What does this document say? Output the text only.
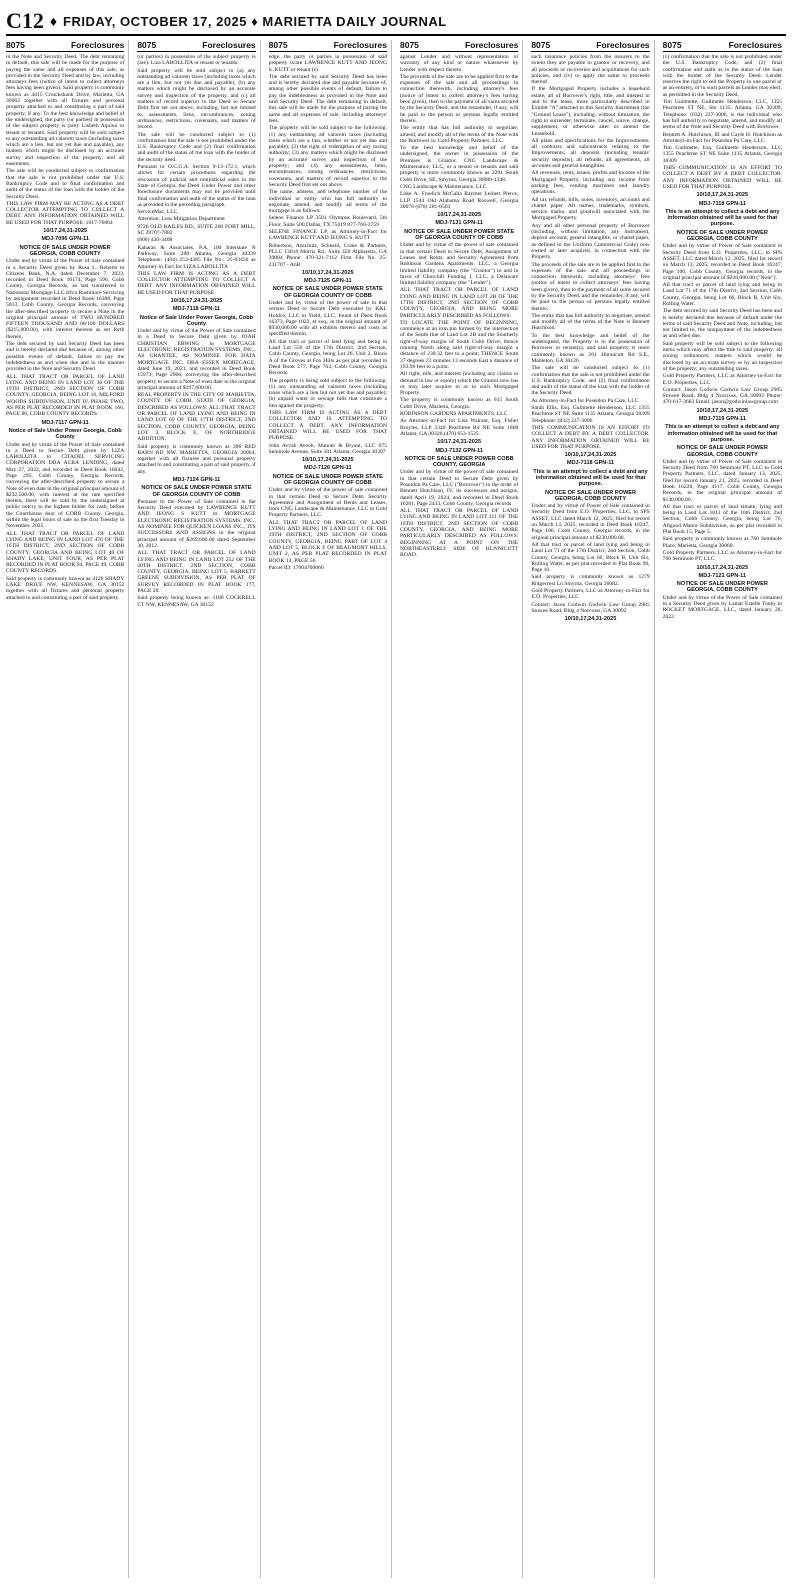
C12 ♦ FRIDAY, OCTOBER 17, 2025 ♦ MARIETTA DAILY JOURNAL
8075	Foreclosures

in the Note and Security Deed. The debt remaining in default, this sale will be made for the purpose of paying the same and all expenses of this sale, as provided in the Security Deed and by law, including attorneys fees (notice of intent to collect attorneys fees having been given). Said property is commonly known as 4415 Cruickshank Drive, Marietta, GA 30062 together with all fixtures and personal property attached to and constituting a part of said property, if any. To the best knowledge and belief of the undersigned, the party (or parties) in possession of the subject property is (are): Lisbeth Aquino or tenant or tenants. Said property will be sold subject to any outstanding ad valorem taxes (including taxes which are a lien, but not yet due and payable), any matters which might be disclosed by an accurate survey and inspection of the property, and all easements.

The sale will be conducted subject to confirmation that the sale is not prohibited under the U.S. Bankruptcy Code and to final confirmation and audit of the status of the loan with the holder of the Security Deed.

THIS LAW FIRM MAY BE ACTING AS A DEBT COLLECTOR ATTEMPTING TO COLLECT A DEBT. ANY INFORMATION OBTAINED WILL BE USED FOR THAT PURPOSE. 1017-76864

10/17,24,31-2025

MDJ-7096 GPN-11

NOTICE OF SALE UNDER POWER GEORGIA, COBB COUNTY

Under and by virtue of the Power of Sale contained in a Security Deed given by Rosa L. Roberts to Citizens Bank, N.A. dated December 7, 2023, recorded in Deed Book 16174, Page 596, Cobb County, Georgia Records, as last transferred to Nationstar Mortgage LLC d/b/a Rushmore Servicing by assignment recorded in Deed Book 16388, Page 5013, Cobb County, Georgia Records, conveying the after-described property to secure a Note in the original principal amount of TWO HUNDRED FIFTEEN THOUSAND AND 00/100 DOLLARS ($215,000.00), with interest thereon as set forth therein.

The debt secured by said Security Deed has been and is hereby declared due because of, among other possible events of default, failure to pay the indebtedness as and when due and in the manner provided in the Note and Security Deed.

ALL THAT TRACT OR PARCEL OF LAND LYING AND BEING IN LAND LOT 30 OF THE 19TH DISTRICT, 2ND SECTION OF COBB COUNTY, GEORGIA, BEING LOT 16, MILFORD WOODS SUBDIVISION, UNIT IV, PHASE TWO, AS PER PLAT RECORDED IN PLAT BOOK 166, PAGE 86, COBB COUNTY RECORDS.

MDJ-7117 GPN-11

Notice of Sale Under Power Georgia, Cobb County

Under and by virtue of the Power of Sale contained in a Deed to Secure Debt given by LIZA LABOLLITA to CITADEL SERVICING CORPORATION DBA ACRA LENDING, dated May 27, 2022, and recorded in Deed Book 16042, Page 295, Cobb County, Georgia Records, conveying the after-described property to secure a Note of even date in the original principal amount of $232,500.00, with interest at the rate specified therein, there will be sold by the undersigned at public outcry to the highest bidder for cash, before the Courthouse door of COBB County, Georgia, within the legal hours of sale on the first Tuesday in November, 2025.

ALL THAT TRACT OR PARCEL OF LAND LYING AND BEING IN LAND LOT 476 OF THE 16TH DISTRICT, 2ND SECTION OF COBB COUNTY, GEORGIA AND BEING LOT 40 OF SHADY LAKE, UNIT FOUR, AS PER PLAT RECORDED IN PLAT BOOK 94, PAGE 49, COBB COUNTY RECORDS.

Said property is commonly known as 4126 SHADY LAKE DRIVE NW, KENNESAW, GA 30152 together with all fixtures and personal property attached to and constituting a part of said property.

8075	Foreclosures

(or parties) in possession of the subject property is (are): Liza LABOLLITA or tenant or tenants.

Said property will be sold subject to (a) any outstanding ad valorem taxes (including taxes which are a lien, but not yet due and payable), (b) any matters which might be disclosed by an accurate survey and inspection of the property, and (c) all matters of record superior to the Deed to Secure Debt first set out above, including, but not limited to, assessments, liens, encumbrances, zoning ordinances, restrictions, covenants, and matters of record.

The sale will be conducted subject to (1) confirmation that the sale is not prohibited under the U.S. Bankruptcy Code and (2) final confirmation and audit of the status of the loan with the holder of the security deed.

Pursuant to O.C.G.A. Section 9-13-172.1, which allows for certain procedures regarding the rescission of judicial and nonjudicial sales in the State of Georgia, the Deed Under Power and other foreclosure documents may not be provided until final confirmation and audit of the status of the loan as provided in the preceding paragraph.

ServiceMac, LLC

Attention: Loss Mitigation Department

9726 OLD BAILES RD., SUITE 200 FORT MILL, SC 29707-7882

(800) 430-3408

Kaharas & Associates, P.A. 100 Interstate N Parkway, Suite 200 Atlanta, Georgia 30339 Telephone: (404) 253-4385 File No.: 25-03450 as Attorney in Fact for LIZA LABOLLITA

THIS LAW FIRM IS ACTING AS A DEBT COLLECTOR ATTEMPTING TO COLLECT A DEBT. ANY INFORMATION OBTAINED WILL BE USED FOR THAT PURPOSE.

10/10,17,24,31-2025

MDJ-7118 GPN-11

Notice of Sale Under Power Georgia, Cobb County

Under and by virtue of the Power of Sale contained in a Deed to Secure Debt given by JOAH CHRISTIAN ERWING to MORTGAGE ELECTRONIC REGISTRATION SYSTEMS, INC., AS GRANTEE, AS NOMINEE FOR DATA MORTGAGE INC. DBA ESSEX MORTGAGE, dated June 19, 2021, and recorded in Deed Book 15973, Page 2966, conveying the after-described property to secure a Note of even date in the original principal amount of $197,600.00.

REAL PROPERTY IN THE CITY OF MARIETTA, COUNTY OF COBB, STATE OF GEORGIA, DESCRIBED AS FOLLOWS: ALL THAT TRACT OR PARCEL OF LAND LYING AND BEING IN LAND LOT 69 OF THE 17TH DISTRICT, 2ND SECTION, COBB COUNTY, GEORGIA, BEING LOT 3, BLOCK E, OF NORTHRIDGE ADDITION.

Said property is commonly known as 396 RED BARN RD NW, MARIETTA, GEORGIA 30064, together with all fixtures and personal property attached to and constituting a part of said property, if any.

MDJ-7124 GPN-11

NOTICE OF SALE UNDER POWER STATE OF GEORGIA COUNTY OF COBB

Pursuant to the Power of Sale contained in the Security Deed executed by LAWRENCE KUTT AND JEONG S KUTT to MORTGAGE ELECTRONIC REGISTRATION SYSTEMS, INC., AS NOMINEE FOR QUICKEN LOANS INC., ITS SUCCESSORS AND ASSIGNS in the original principal amount of $269,600.00 dated September 30, 2012.

ALL THAT TRACT OR PARCEL OF LAND LYING AND BEING IN LAND LOT 252 OF THE 20TH DISTRICT, 2ND SECTION, COBB COUNTY, GEORGIA, BEING LOT 5, BARRETT GREENE SUBDIVISION, AS PER PLAT OF SURVEY RECORDED IN PLAT BOOK 177, PAGE 20.

Said property being known as: 1188 COCKRELL CT NW, KENNESAW, GA 30152

8075	Foreclosures

edge, the party or parties in possession of said property is/are LAWRENCE KUTT AND JEONG S. KUTT or tenant (s).

The debt secured by said Security Deed has been and is hereby declared due and payable because of, among other possible events of default, failure to pay the indebtedness as provided in the Note and said Security Deed. The debt remaining in default, this sale will be made for the purpose of paying the same and all expenses of sale, including attorneys' fees.

The property will be sold subject to the following: (1) any outstanding ad valorem taxes (including taxes which are a lien, whether or not yet due and payable); (2) the right of redemption of any taxing authority; (3) any matters which might be disclosed by an accurate survey and inspection of the property; and (4) any assessments, liens, encumbrances, zoning ordinances, restrictions, covenants, and matters of record superior to the Security Deed first set out above.

The name, address, and telephone number of the individual or entity who has full authority to negotiate, amend, and modify all terms of the mortgage is as follows:

Selene Finance LP 3501 Olympus Boulevard, 5th Floor, Suite 500 Dallas, TX 75019 877-768-3759

SELENE FINANCE LP, as Attorney-in-Fact for LAWRENCE KUTT AND JEONG S. KUTT

Robertson, Anschutz, Schneid, Crane & Partners, PLLC 13010 Morris Rd., Suite 450 Alpharetta, GA 30004 Phone: 470-321-7112 Firm File No. 25-231707 - AnB

10/10,17,24,31-2025

MDJ-7125 GPN-11

NOTICE OF SALE UNDER POWER STATE OF GEORGIA COUNTY OF COBB

Under and by virtue of the power of sale in that certain Deed to Secure Debt executed by K&L Holdco, LLC to Yield, LLC, found of Deed Book 16373, Page 1022, et seq., in the original amount of $930,000.00 with all exhibits thereto and costs as specified therein.

All that tract or parcel of land lying and being in Land Lot 556 of the 17th District, 2nd Section, Cobb County, Georgia, being Lot 26, Unit 2, Block A of the Groves at Fox Hills as per plat recorded in Deed Book 277, Page 763, Cobb County, Georgia Records.

The property is being sold subject to the following: (1) any outstanding ad valorem taxes (including taxes which are a lien but not yet due and payable); (b) unpaid water or sewage bills that constitute a lien against the property.

THIS LAW FIRM IS ACTING AS A DEBT COLLECTOR AND IS ATTEMPTING TO COLLECT A DEBT. ANY INFORMATION OBTAINED WILL BE USED FOR THAT PURPOSE.

John Avvab Aveob, Manner & Bryant, LLC 675 Seminole Avenue, Suite 301 Atlanta, Georgia 30307

10/10,17,24,31-2025

MDJ-7126 GPN-11

NOTICE OF SALE UNDER POWER STATE OF GEORGIA COUNTY OF COBB

Under and by virtue of the power of sale contained in that certain Deed to Secure Debt, Security Agreement and Assignment of Rents and Leases, from CNG Landscape & Maintenance, LLC to Gold Property Partners, LLC.

ALL THAT TRACT OR PARCEL OF LAND LYING AND BEING IN LAND LOT 1 OF THE 19TH DISTRICT, 2ND SECTION OF COBB COUNTY, GEORGIA, BEING PART OF LOT 4 AND LOT 5, BLOCK F OF BEAUMONT HILLS, UNIT 2, AS PER PLAT RECORDED IN PLAT BOOK 14, PAGE 56.

Parcel ID: 17004700060

8075	Foreclosures

against Lender and without representation or warranty of any kind or nature whatsoever by Lender with respect thereto.

The proceeds of the sale are to be applied first to the expenses of the sale and all proceedings in connection therewith, including attorney's fees (notice of intent to collect attorney's fees having been given), then to the payment of all sums secured by the Security Deed, and the remainder, if any, will be paid to the person or persons legally entitled thereto.

The entity that has full authority to negotiate, amend, and modify all of the terms of the Note with the Borrower is: Gold Property Partners, LLC.

To the best knowledge and belief of the undersigned, the owner in possession of the Premises is Grantor, CNG Landscape & Maintenance, LLC, or a tenant or tenants and said property is more commonly known as 2291 South Cobb Drive, SE, Smyrna, Georgia 30080-1348.

CNG Landscape & Maintenance, LLC

Luke A. Froelich McCalla Raymer Leibert Pierce, LLP 1544 Old Alabama Road Roswell, Georgia 30076 (678) 281-6503

10/17,24,31-2025

MDJ-7131 GPN-11

NOTICE OF SALE UNDER POWER STATE OF GEORGIA COUNTY OF COBB

Under and by virtue of the power of sale contained in that certain Deed to Secure Debt, Assignment of Leases and Rents, and Security Agreement from Robinson Gardens Apartments, LLC, a Georgia limited liability company (the "Grantor") to and in favor of Churchill Funding I, LLC, a Delaware limited liability company (the "Lender").

ALL THAT TRACT OR PARCEL OF LAND LYING AND BEING IN LAND LOT 2B OF THE 17TH DISTRICT, 2ND SECTION OF COBB COUNTY, GEORGIA, AND BEING MORE PARTICULARLY DESCRIBED AS FOLLOWS:

TO LOCATE THE POINT OF BEGINNING, commence at an iron pin formed by the intersection of the South line of Land Lot 2B and the Southerly right-of-way margin of South Cobb Drive; thence running North along said right-of-way margin a distance of 230.32 feet to a point; THENCE South 37 degrees 23 minutes 13 seconds East a distance of 193.96 feet to a point.

All right, title, and interest (including any claims or demand in law or equity) which the Grantor now has or may later acquire in or to such Mortgaged Property.

The property is commonly known as 615 South Cobb Drive, Marietta, Georgia.

ROBINSON GARDENS APARTMENTS, LLC

As Attorney-in-Fact for Lisa Walrant, Esq. Fisher Broyles, LLP 3340 Peachtree Rd NE Suite 1800 Atlanta, GA 30326 (470) 653-1525

10/17,24,31-2025

MDJ-7132 GPN-11

NOTICE OF SALE UNDER POWER COBB COUNTY, GEORGIA

Under and by virtue of the power of sale contained in that certain Deed to Secure Debt given by Poseidon Pa Care, LLC ("Borrower") to the order of Bennett Hutchison, IV, its successors and assigns, dated April 19, 2024, and recorded in Deed Book 16201, Page 2433, Cobb County, Georgia records.

ALL THAT TRACT OR PARCEL OF LAND LYING AND BEING IN LAND LOT 311 OF THE 16TH DISTRICT, 2ND SECTION OF COBB COUNTY, GEORGIA, AND BEING MORE PARTICULARLY DESCRIBED AS FOLLOWS: BEGINNING AT A POINT ON THE NORTHEASTERLY SIDE OF HUNNICUTT ROAD.

8075	Foreclosures

such insurance policies from the insurers to the extent they are payable to grantor or recovery, and all proceeds or recoveries and acquittances for such policies, and (iv) to apply the same to proceeds thereof.

If the Mortgaged Property includes a leasehold estate, all of Borrower's right, title, and interest in and to the lease, more particularly described in Exhibit "A" attached to this Security Instrument (the "Ground Lease"), including, without limitation, the right to surrender, terminate, cancel, waive, change, supplement, or otherwise alter or amend the Leasehold.

All plans and specifications for the Improvements; all contracts and subcontracts relating to the Improvements; all deposits (including tenants' security deposits), all refunds, all agreements, all accounts and general intangibles.

All revenues, rents, issues, profits and income of the Mortgaged Property, including any income from parking fees, vending machines and laundry operations.

All tax refunds, bills, notes, inventory, accounts and chattel paper. All names, trademarks, symbols, service marks, and goodwill associated with the Mortgaged Property.

Any and all other personal property of Borrower (including, without limitation, any instrument, deposit account, general intangible, or chattel paper, as defined in the Uniform Commercial Code) now owned or later acquired, in connection with the Property.

The proceeds of the sale are to be applied first to the expenses of the sale and all proceedings in connection therewith, including attorneys' fees (notice of intent to collect attorneys' fees having been given), then to the payment of all sums secured by the Security Deed, and the remainder, if any, will be paid to the person or persons legally entitled thereto.

The entity that has full authority to negotiate, amend and modify all of the terms of the Note is Bennett Hutchison.

To the best knowledge and belief of the undersigned, the Property is in the possession of Borrower or tenant(s), and said property is more commonly known as 261 Hunnicutt Rd S.E., Mableton, GA 30126.

The sale will be conducted subject to (1) confirmation that the sale is not prohibited under the U.S. Bankruptcy Code; and (2) final confirmation and audit of the status of the loan with the holder of the Security Deed.

As Attorney-in-Fact for Poseidon Pa Care, LLC

Sarah Ellis, Esq. Guilmette Henderson, LLC 1355 Peachtree ST NE Suite 1135 Atlanta, Georgia 30309 Telephone: (832) 237-3006

THIS COMMUNICATION IS AN EFFORT TO COLLECT A DEBT BY A DEBT COLLECTOR. ANY INFORMATION OBTAINED WILL BE USED FOR THAT PURPOSE.

10/10,17,24,31-2025

MDJ-7118 GPN-11

This is an attempt to collect a debt and any information obtained will be used for that purpose.

NOTICE OF SALE UNDER POWER GEORGIA, COBB COUNTY

Under and by virtue of Power of Sale contained in Security Deed from E.O. Properties, LLC, to SPS ASSET, LLC dated March 12, 2025, filed for record on March 13, 2025, recorded in Deed Book 16247, Page 106, Cobb County, Georgia records, in the original principal amount of $230,000.00.

All that tract or parcel of land lying and being in Land Lot 71 of the 17th District, 2nd Section, Cobb County, Georgia, being Lot 66, Block B, Unit Six, Rolling Water, as per plat recorded in Plat Book 96, Page 10.

Said property is commonly known as 1279 Ridgecrest Ln Smyrna, Georgia 30082.

Gold Property Partners, LLC as Attorney-in-Fact for E.O. Properties, LLC

Contact: Jason Godwin Godwin Law Group 2985 Stuwee Road, Bldg 4 Norcross, GA 30092

10/10,17,24,31-2025

8075	Foreclosures

(1) confirmation that the sale is not prohibited under the U.S. Bankruptcy Code; and (2) final confirmation and audit as to the status of the loan with the holder of the Security Deed. Lender reserves the right to sell the Property in one parcel or as an entirety, or in such parcels as Lender may elect, as permitted in the Security Deed.

Tim Guilmette, Guilmette Henderson, LLC, 1355 Peachtree ST NE, Ste 1135, Atlanta, GA 30309, Telephone: (832) 237-3006, is the individual who has full authority to negotiate, amend, and modify all terms of the Note and Security Deed with Borrower.

Bennett A. Hutchison, III and Gayle H. Hutchison as Attorneys-in-Fact for Poseidon Pa Care, LLC

Tim Guilmette, Esq. Guilmette Henderson, LLC 1355 Peachtree ST NE Suite 1135 Atlanta, Georgia 30309

THIS COMMUNICATION IS AN EFFORT TO COLLECT A DEBT BY A DEBT COLLECTOR. ANY INFORMATION OBTAINED WILL BE USED FOR THAT PURPOSE.

10/10,17,24,31-2025

MDJ-7118 GPN-11

This is an attempt to collect a debt and any information obtained will be used for that purpose.

NOTICE OF SALE UNDER POWER GEORGIA, COBB COUNTY

Under and by virtue of Power of Sale contained in Security Deed from E.O. Properties, LLC, to SPS ASSET, LLC dated March 12, 2025, filed for record on March 13, 2025, recorded in Deed Book 16247, Page 106, Cobb County, Georgia records, in the original principal amount of $230,000.00 ("Note").

All that tract or parcel of land lying and being in Land Lot 71 of the 17th District, 2nd Section, Cobb County, Georgia, being Lot 66, Block B, Unit Six, Rolling Water.

The debt secured by said Security Deed has been and is hereby declared due because of default under the terms of said Security Deed and Note, including, but not limited to, the nonpayment of the indebtedness as and when due.

Said property will be sold subject to the following items which may affect the title to said property: all zoning ordinances; matters which would be disclosed by an accurate survey or by an inspection of the property; any outstanding taxes.

Gold Property Partners, LLC as Attorney-in-Fact for E.O. Properties, LLC

Contact: Jason Godwin Godwin Law Group 2985 Stuwee Road, Bldg 4 Norcross, GA 30092 Phone: 470-617-3683 Email: jason@godwinlawgroup.com

10/10,17,24,31-2025

MDJ-7119 GPN-11

This is an attempt to collect a debt and any information obtained will be used for that purpose.

NOTICE OF SALE UNDER POWER GEORGIA, COBB COUNTY

Under and by virtue of Power of Sale contained in Security Deed from 760 Seminole PT, LLC to Gold Property Partners, LLC, dated January 13, 2025, filed for record January 21, 2025, recorded in Deed Book 16228, Page 4117, Cobb County, Georgia Records, in the original principal amount of $140,000.00.

All that tract or parcel of land situate, lying and being in Land Lot 1011 of the 16th District, 2nd Section, Cobb County, Georgia, being Lot 76, Allgood Manor Subdivision, as per plat recorded in Plat Book 15, Page 5.

Said property is commonly known as 760 Seminole Place, Marietta, Georgia 30060.

Gold Property Partners, LLC as Attorney-in-Fact for 760 Seminole PT, LLC

10/10,17,24,31-2025

MDJ-7121 GPN-11

NOTICE OF SALE UNDER POWER GEORGIA, COBB COUNTY

Under and by virtue of the Power of Sale contained in a Security Deed given by Lamar Estelle Toney to ROCKET MORTGAGE, LLC, dated January 28, 2022.
